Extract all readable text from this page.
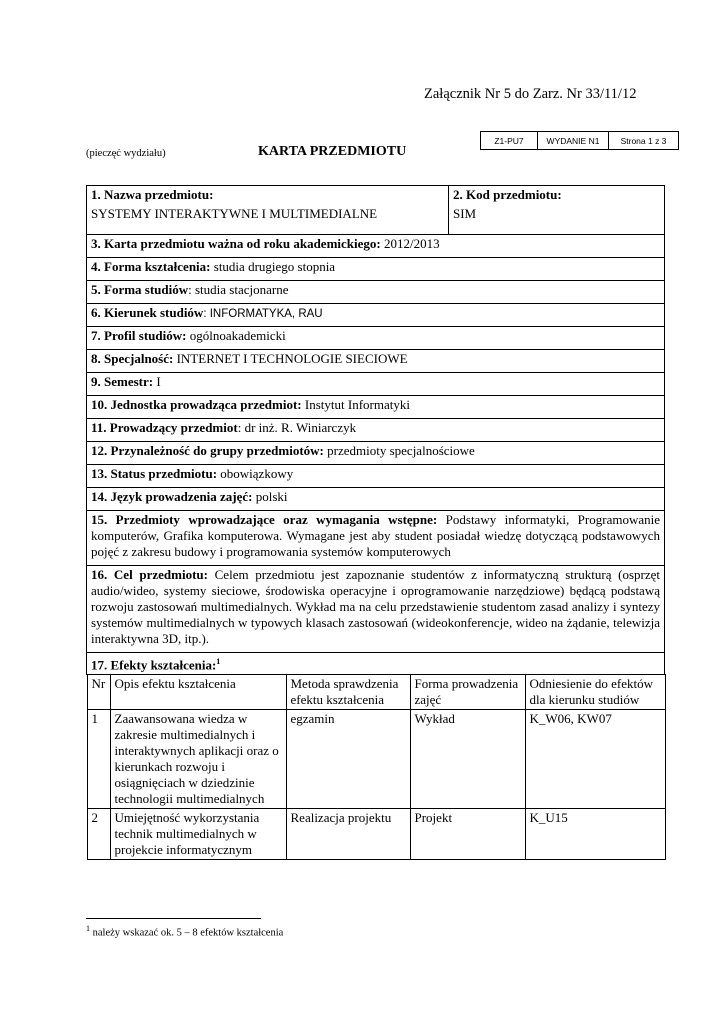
Załącznik Nr 5 do Zarz. Nr 33/11/12
(pieczęć wydziału)	KARTA PRZEDMIOTU
Z1-PU7	WYDANIE N1	Strona 1 z 3
1. Nazwa przedmiotu:
SYSTEMY INTERAKTYWNE I MULTIMEDIALNE

2. Kod przedmiotu:
SIM

3. Karta przedmiotu ważna od roku akademickiego: 2012/2013
4. Forma kształcenia: studia drugiego stopnia
5. Forma studiów: studia stacjonarne
6. Kierunek studiów: INFORMATYKA, RAU
7. Profil studiów: ogólnoakademicki
8. Specjalność: INTERNET I TECHNOLOGIE SIECIOWE
9. Semestr: I
10. Jednostka prowadząca przedmiot: Instytut Informatyki
11. Prowadzący przedmiot: dr inż. R. Winiarczyk
12. Przynależność do grupy przedmiotów: przedmioty specjalnościowe
13. Status przedmiotu: obowiązkowy
14. Język prowadzenia zajęć: polski
15. Przedmioty wprowadzające oraz wymagania wstępne: Podstawy informatyki, Programowanie komputerów, Grafika komputerowa. Wymagane jest aby student posiadał wiedzę dotyczącą podstawowych pojęć z zakresu budowy i programowania systemów komputerowych
16. Cel przedmiotu: Celem przedmiotu jest zapoznanie studentów z informatyczną strukturą (osprzęt audio/wideo, systemy sieciowe, środowiska operacyjne i oprogramowanie narzędziowe) będącą podstawą rozwoju zastosowań multimedialnych. Wykład ma na celu przedstawienie studentom zasad analizy i syntezy systemów multimedialnych w typowych klasach zastosowań (wideokonferencje, wideo na żądanie, telewizja interaktywna 3D, itp.).
17. Efekty kształcenia:$^1$

Nr	Opis efektu kształcenia	Metoda sprawdzenia efektu kształcenia	Forma prowadzenia zajęć	Odniesienie do efektów dla kierunku studiów
1	Zaawansowana wiedza w zakresie multimedialnych i interaktywnych aplikacji oraz o kierunkach rozwoju i osiągnięciach w dziedzinie technologii multimedialnych	egzamin	Wykład	K_W06, KW07
2	Umiejętność wykorzystania technik multimedialnych w projekcie informatycznym	Realizacja projektu	Projekt	K_U15
$^1$ należy wskazać ok. 5 – 8 efektów kształcenia
